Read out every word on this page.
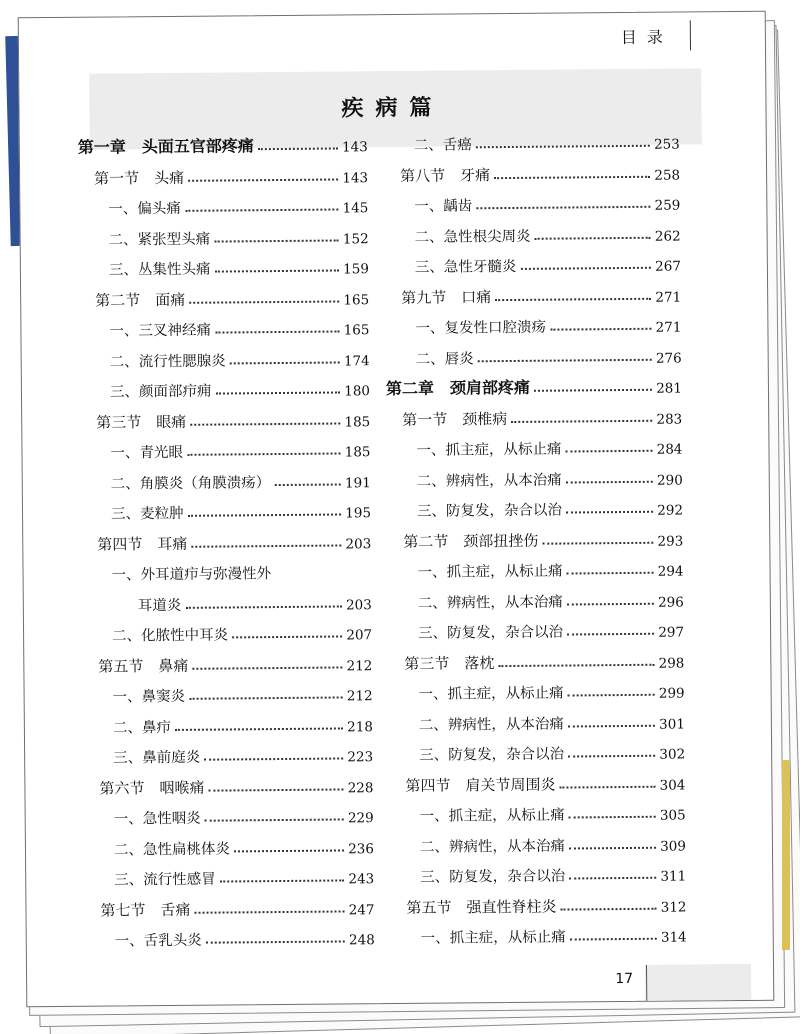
目录
疾病篇
第一章　头面五官部疼痛	143
第一节　头痛	143
一、偏头痛	145
二、紧张型头痛	152
三、丛集性头痛	159
第二节　面痛	165
一、三叉神经痛	165
二、流行性腮腺炎	174
三、颜面部疖痈	180
第三节　眼痛	185
一、青光眼	185
二、角膜炎（角膜溃疡）	191
三、麦粒肿	195
第四节　耳痛	203
一、外耳道疖与弥漫性外
耳道炎	203
二、化脓性中耳炎	207
第五节　鼻痛	212
一、鼻窦炎	212
二、鼻疖	218
三、鼻前庭炎	223
第六节　咽喉痛	228
一、急性咽炎	229
二、急性扁桃体炎	236
三、流行性感冒	243
第七节　舌痛	247
一、舌乳头炎	248
二、舌癌	253
第八节　牙痛	258
一、龋齿	259
二、急性根尖周炎	262
三、急性牙髓炎	267
第九节　口痛	271
一、复发性口腔溃疡	271
二、唇炎	276
第二章　颈肩部疼痛	281
第一节　颈椎病	283
一、抓主症，从标止痛	284
二、辨病性，从本治痛	290
三、防复发，杂合以治	292
第二节　颈部扭挫伤	293
一、抓主症，从标止痛	294
二、辨病性，从本治痛	296
三、防复发，杂合以治	297
第三节　落枕	298
一、抓主症，从标止痛	299
二、辨病性，从本治痛	301
三、防复发，杂合以治	302
第四节　肩关节周围炎	304
一、抓主症，从标止痛	305
二、辨病性，从本治痛	309
三、防复发，杂合以治	311
第五节　强直性脊柱炎	312
一、抓主症，从标止痛	314
17
